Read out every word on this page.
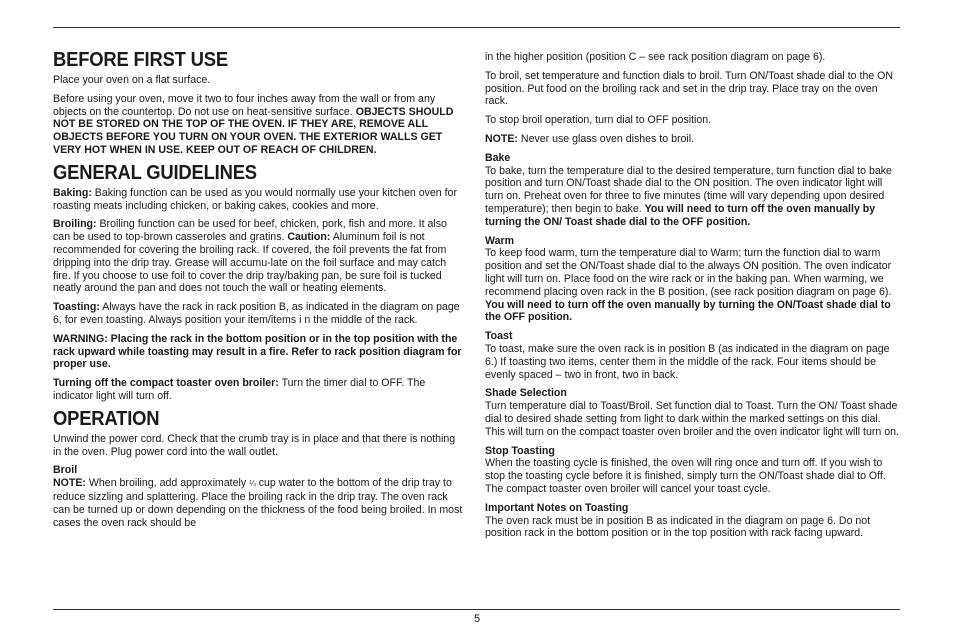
BEFORE FIRST USE

Place your oven on a flat surface.

Before using your oven, move it two to four inches away from the wall or from any objects on the countertop. Do not use on heat-sensitive surface. OBJECTS SHOULD NOT BE STORED ON THE TOP OF THE OVEN. IF THEY ARE, REMOVE ALL OBJECTS BEFORE YOU TURN ON YOUR OVEN. THE EXTERIOR WALLS GET VERY HOT WHEN IN USE. KEEP OUT OF REACH OF CHILDREN.

GENERAL GUIDELINES

Baking: Baking function can be used as you would normally use your kitchen oven for roasting meats including chicken, or baking cakes, cookies and more.

Broiling: Broiling function can be used for beef, chicken, pork, fish and more. It also can be used to top-brown casseroles and gratins. Caution: Aluminum foil is not recommended for covering the broiling rack. If covered, the foil prevents the fat from dripping into the drip tray. Grease will accumu-late on the foil surface and may catch fire. If you choose to use foil to cover the drip tray/baking pan, be sure foil is tucked neatly around the pan and does not touch the wall or heating elements.

Toasting: Always have the rack in rack position B, as indicated in the diagram on page 6, for even toasting. Always position your item/items i n the middle of the rack.

WARNING: Placing the rack in the bottom position or in the top position with the rack upward while toasting may result in a fire. Refer to rack position diagram for proper use.

Turning off the compact toaster oven broiler: Turn the timer dial to OFF. The indicator light will turn off.

OPERATION

Unwind the power cord. Check that the crumb tray is in place and that there is nothing in the oven. Plug power cord into the wall outlet.

Broil
NOTE: When broiling, add approximately ¼ cup water to the bottom of the drip tray to reduce sizzling and splattering. Place the broiling rack in the drip tray. The oven rack can be turned up or down depending on the thickness of the food being broiled. In most cases the oven rack should be

in the higher position (position C – see rack position diagram on page 6).

To broil, set temperature and function dials to broil. Turn ON/Toast shade dial to the ON position. Put food on the broiling rack and set in the drip tray. Place tray on the oven rack.

To stop broil operation, turn dial to OFF position.

NOTE: Never use glass oven dishes to broil.

Bake
To bake, turn the temperature dial to the desired temperature, turn function dial to bake position and turn ON/Toast shade dial to the ON position. The oven indicator light will turn on. Preheat oven for three to five minutes (time will vary depending upon desired temperature); then begin to bake. You will need to turn off the oven manually by turning the ON/ Toast shade dial to the OFF position.

Warm
To keep food warm, turn the temperature dial to Warm; turn the function dial to warm position and set the ON/Toast shade dial to the always ON position. The oven indicator light will turn on. Place food on the wire rack or in the baking pan. When warming, we recommend placing oven rack in the B position, (see rack position diagram on page 6). You will need to turn off the oven manually by turning the ON/Toast shade dial to the OFF position.

Toast
To toast, make sure the oven rack is in position B (as indicated in the diagram on page 6.) If toasting two items, center them in the middle of the rack. Four items should be evenly spaced – two in front, two in back.

Shade Selection
Turn temperature dial to Toast/Broil. Set function dial to Toast. Turn the ON/ Toast shade dial to desired shade setting from light to dark within the marked settings on this dial. This will turn on the compact toaster oven broiler and the oven indicator light will turn on.

Stop Toasting
When the toasting cycle is finished, the oven will ring once and turn off. If you wish to stop the toasting cycle before it is finished, simply turn the ON/Toast shade dial to Off. The compact toaster oven broiler will cancel your toast cycle.

Important Notes on Toasting
The oven rack must be in position B as indicated in the diagram on page 6. Do not position rack in the bottom position or in the top position with rack facing upward.

5
